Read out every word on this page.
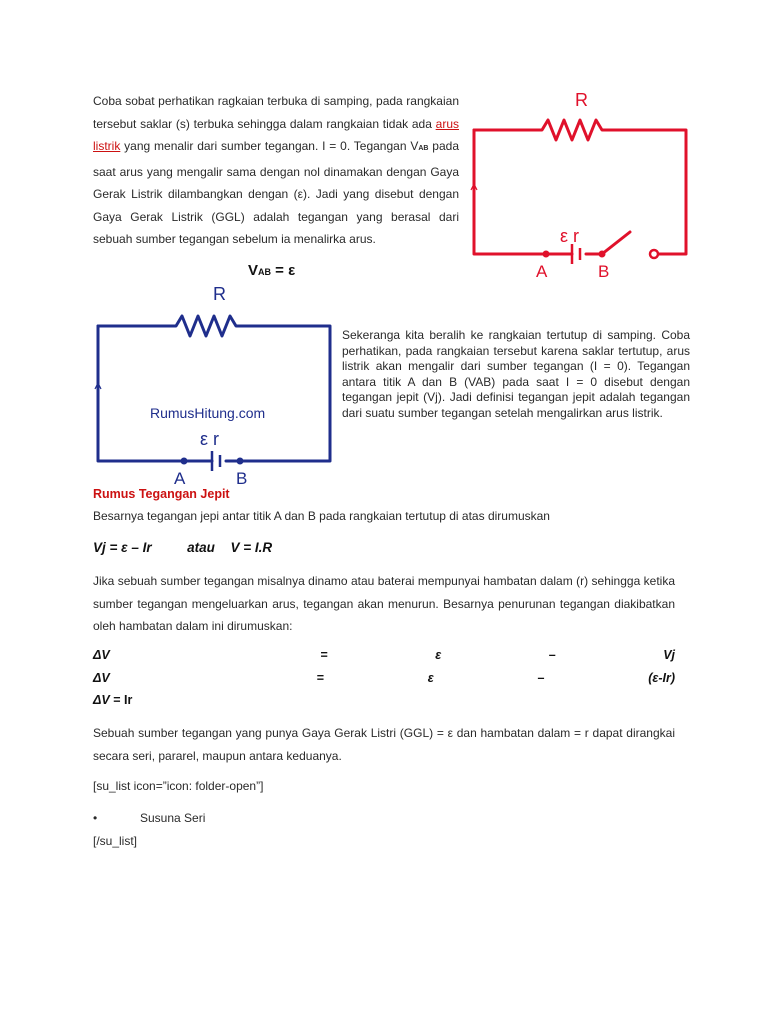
Coba sobat perhatikan ragkaian terbuka di samping, pada rangkaian tersebut saklar (s) terbuka sehingga dalam rangkaian tidak ada arus listrik yang menalir dari sumber tegangan. I = 0. Tegangan VAB pada saat arus yang mengalir sama dengan nol dinamakan dengan Gaya Gerak Listrik dilambangkan dengan (ε). Jadi yang disebut dengan Gaya Gerak Listrik (GGL) adalah tegangan yang berasal dari sebuah sumber tegangan sebelum ia menalirka arus.
VAB = ε
R
ε r
A	B
R
RumusHitung.com
ε r
A	B
Sekeranga kita beralih ke rangkaian tertutup di samping. Coba perhatikan, pada rangkaian tersebut karena saklar tertutup, arus listrik akan mengalir dari sumber tegangan (I = 0). Tegangan antara titik A dan B (VAB) pada saat I = 0 disebut dengan tegangan jepit (Vj). Jadi definisi tegangan jepit adalah tegangan dari suatu sumber tegangan setelah mengalirkan arus listrik.
Rumus Tegangan Jepit
Besarnya tegangan jepi antar titik A dan B pada rangkaian tertutup di atas dirumuskan
Vj = ε – Ir	atau V = I.R
Jika sebuah sumber tegangan misalnya dinamo atau baterai mempunyai hambatan dalam (r) sehingga ketika sumber tegangan mengeluarkan arus, tegangan akan menurun. Besarnya penurunan tegangan diakibatkan oleh hambatan dalam ini dirumuskan:
ΔV	=	ε	–	Vj
ΔV	=	ε	–	(ε-Ir)
ΔV = Ir
Sebuah sumber tegangan yang punya Gaya Gerak Listri (GGL) = ε dan hambatan dalam = r dapat dirangkai secara seri, pararel, maupun antara keduanya.
[su_list icon=”icon: folder-open”]
•	Susuna Seri
[/su_list]
